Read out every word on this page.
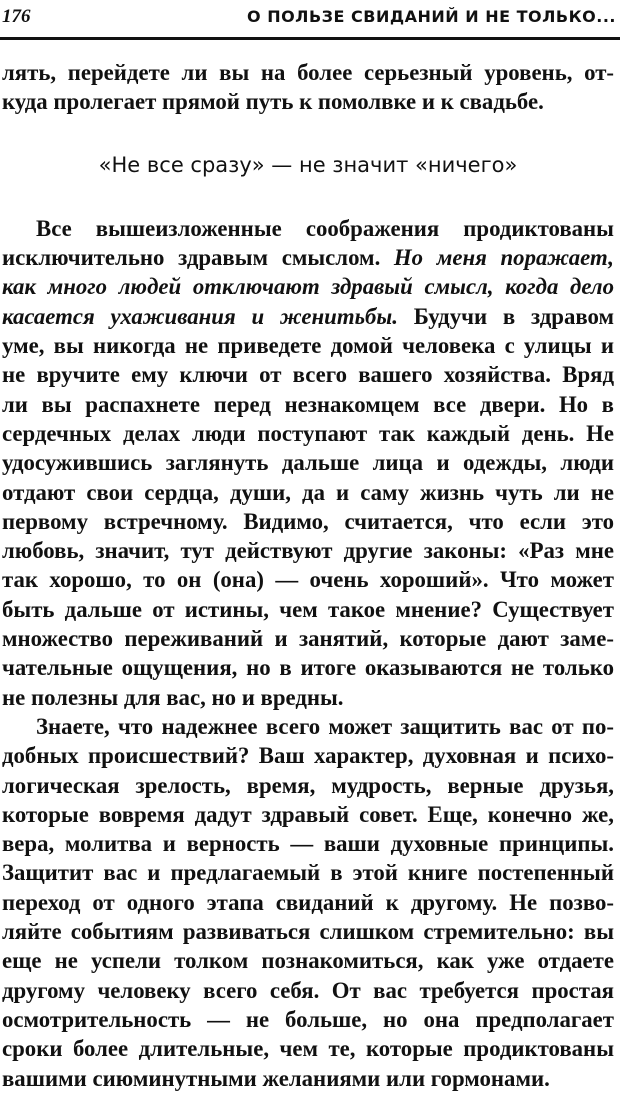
176	О ПОЛЬЗЕ СВИДАНИЙ И НЕ ТОЛЬКО...
лять, перейдете ли вы на более серьезный уровень, от-
куда пролегает прямой путь к помолвке и к свадьбе.
«Не все сразу» — не значит «ничего»
Все вышеизложенные соображения продиктованы
исключительно здравым смыслом. Но меня поражает,
как много людей отключают здравый смысл, когда дело
касается ухаживания и женитьбы. Будучи в здравом
уме, вы никогда не приведете домой человека с улицы и
не вручите ему ключи от всего вашего хозяйства. Вряд
ли вы распахнете перед незнакомцем все двери. Но в
сердечных делах люди поступают так каждый день. Не
удосужившись заглянуть дальше лица и одежды, люди
отдают свои сердца, души, да и саму жизнь чуть ли не
первому встречному. Видимо, считается, что если это
любовь, значит, тут действуют другие законы: «Раз мне
так хорошо, то он (она) — очень хороший». Что может
быть дальше от истины, чем такое мнение? Существует
множество переживаний и занятий, которые дают заме-
чательные ощущения, но в итоге оказываются не только
не полезны для вас, но и вредны.
Знаете, что надежнее всего может защитить вас от по-
добных происшествий? Ваш характер, духовная и психо-
логическая зрелость, время, мудрость, верные друзья,
которые вовремя дадут здравый совет. Еще, конечно же,
вера, молитва и верность — ваши духовные принципы.
Защитит вас и предлагаемый в этой книге постепенный
переход от одного этапа свиданий к другому. Не позво-
ляйте событиям развиваться слишком стремительно: вы
еще не успели толком познакомиться, как уже отдаете
другому человеку всего себя. От вас требуется простая
осмотрительность — не больше, но она предполагает
сроки более длительные, чем те, которые продиктованы
вашими сиюминутными желаниями или гормонами.
